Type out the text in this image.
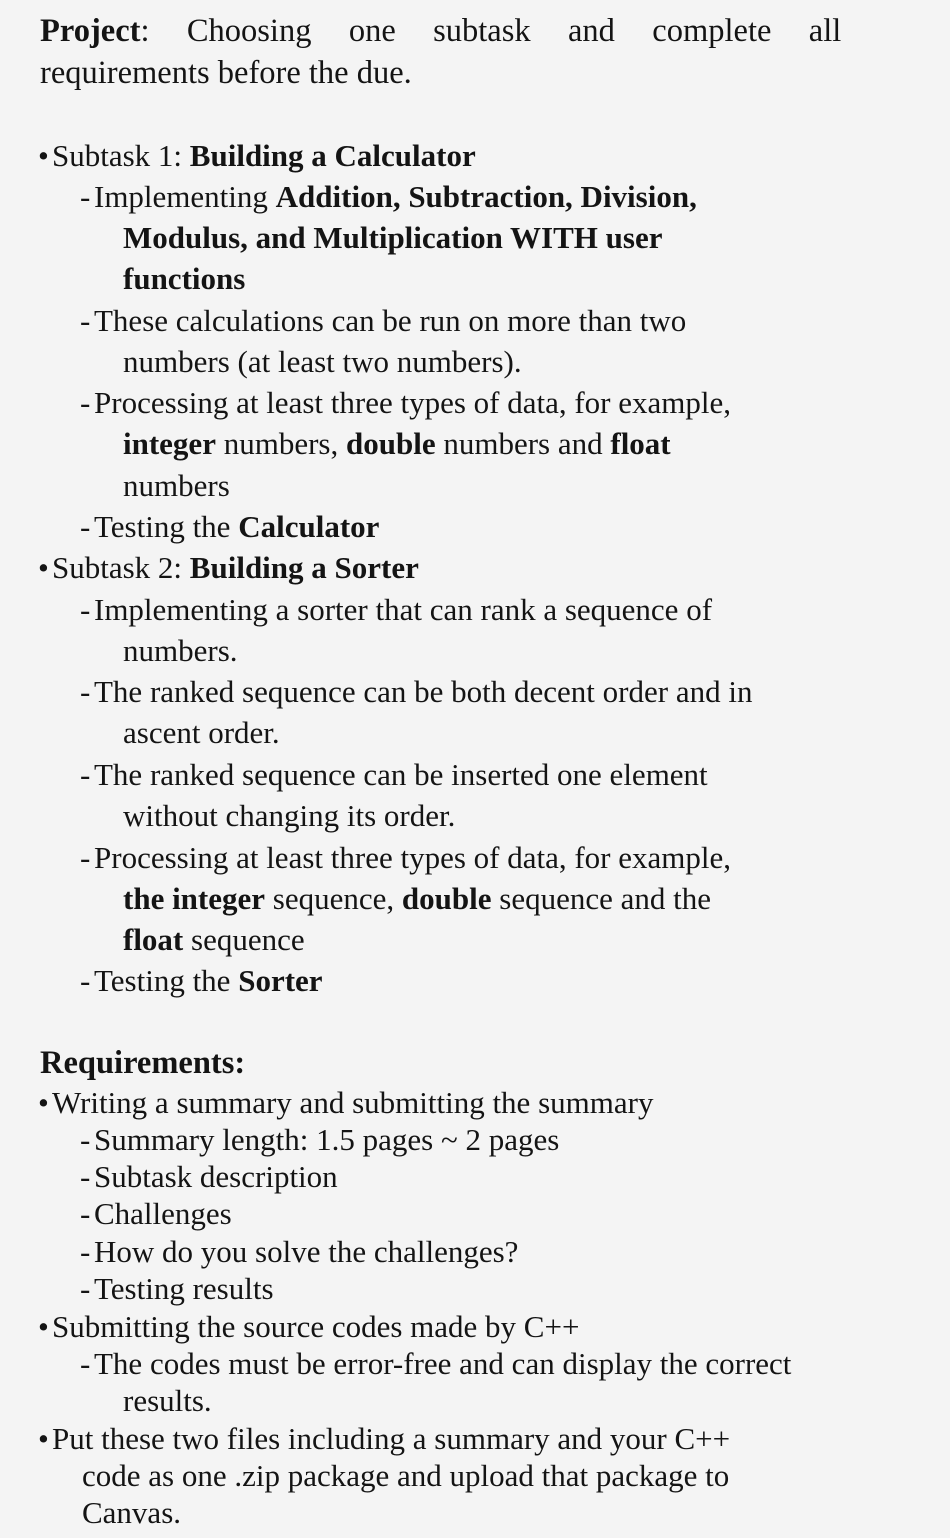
Project: Choosing one subtask and complete all
requirements before the due.
• Subtask 1: Building a Calculator
- Implementing Addition, Subtraction, Division,
Modulus, and Multiplication WITH user
functions
- These calculations can be run on more than two
numbers (at least two numbers).
- Processing at least three types of data, for example,
integer numbers, double numbers and float
numbers
- Testing the Calculator
• Subtask 2: Building a Sorter
- Implementing a sorter that can rank a sequence of
numbers.
- The ranked sequence can be both decent order and in
ascent order.
- The ranked sequence can be inserted one element
without changing its order.
- Processing at least three types of data, for example,
the integer sequence, double sequence and the
float sequence
- Testing the Sorter
Requirements:
• Writing a summary and submitting the summary
- Summary length: 1.5 pages ~ 2 pages
- Subtask description
- Challenges
- How do you solve the challenges?
- Testing results
• Submitting the source codes made by C++
- The codes must be error-free and can display the correct
results.
• Put these two files including a summary and your C++
code as one .zip package and upload that package to
Canvas.
